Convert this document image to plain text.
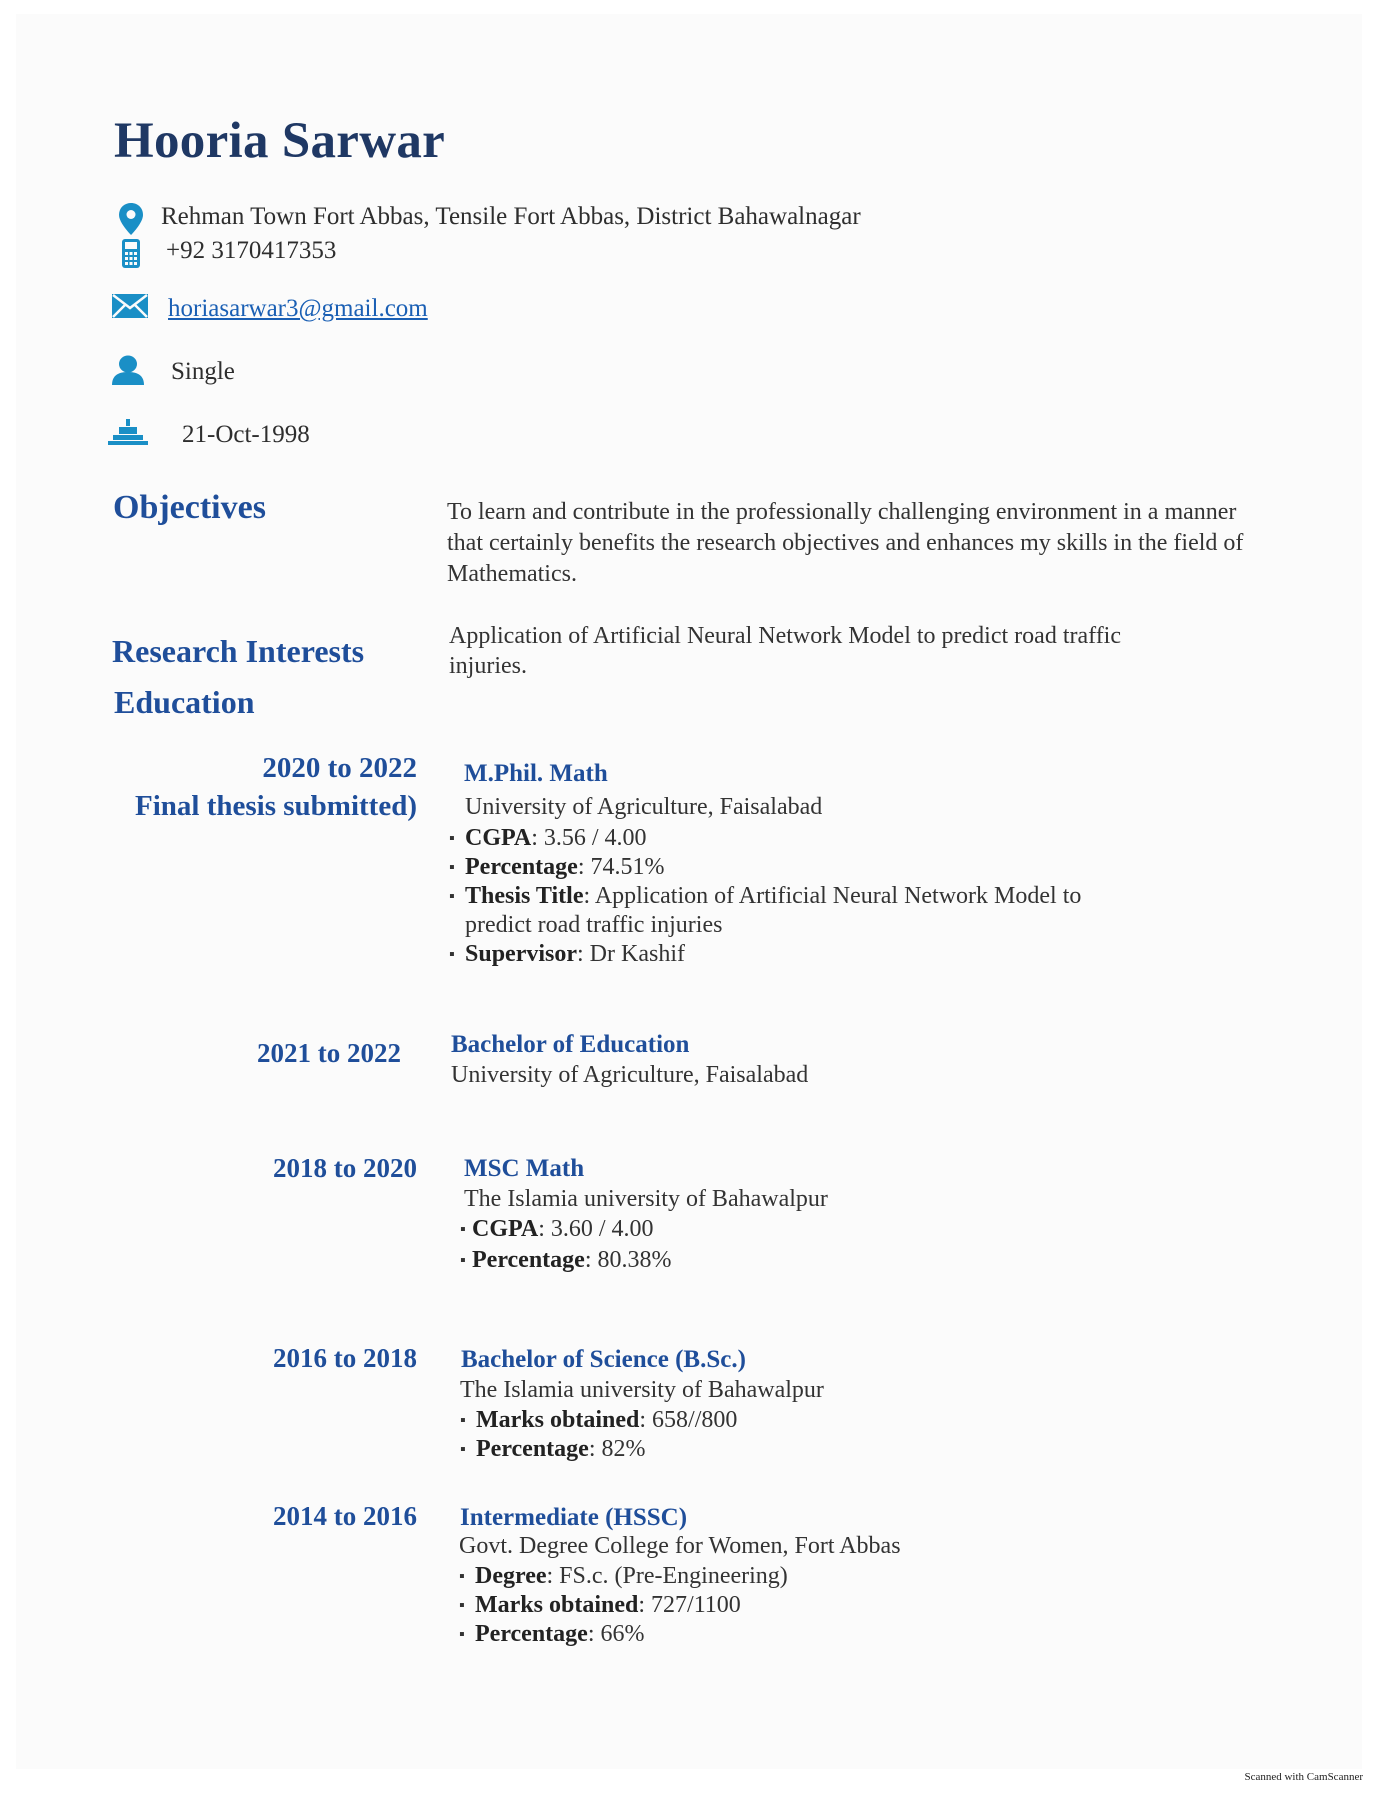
Hooria Sarwar
Rehman Town Fort Abbas, Tensile Fort Abbas, District Bahawalnagar
+92 3170417353
horiasarwar3@gmail.com
Single
21-Oct-1998
Objectives	To learn and contribute in the professionally challenging environment in a manner that certainly benefits the research objectives and enhances my skills in the field of Mathematics.

Research Interests	Application of Artificial Neural Network Model to predict road traffic injuries.

Education
2020 to 2022
Final thesis submitted)
M.Phil. Math
University of Agriculture, Faisalabad
▪ CGPA: 3.56 / 4.00
▪ Percentage: 74.51%
▪ Thesis Title: Application of Artificial Neural Network Model to predict road traffic injuries
▪ Supervisor: Dr Kashif
2021 to 2022 Bachelor of Education
University of Agriculture, Faisalabad
2018 to 2020 MSC Math
The Islamia university of Bahawalpur
▪ CGPA: 3.60 / 4.00
▪ Percentage: 80.38%
2016 to 2018 Bachelor of Science (B.Sc.)
The Islamia university of Bahawalpur
▪ Marks obtained: 658//800
▪ Percentage: 82%
2014 to 2016 Intermediate (HSSC)
Govt. Degree College for Women, Fort Abbas
▪ Degree: FS.c. (Pre-Engineering)
▪ Marks obtained: 727/1100
▪ Percentage: 66%
Scanned with CamScanner
